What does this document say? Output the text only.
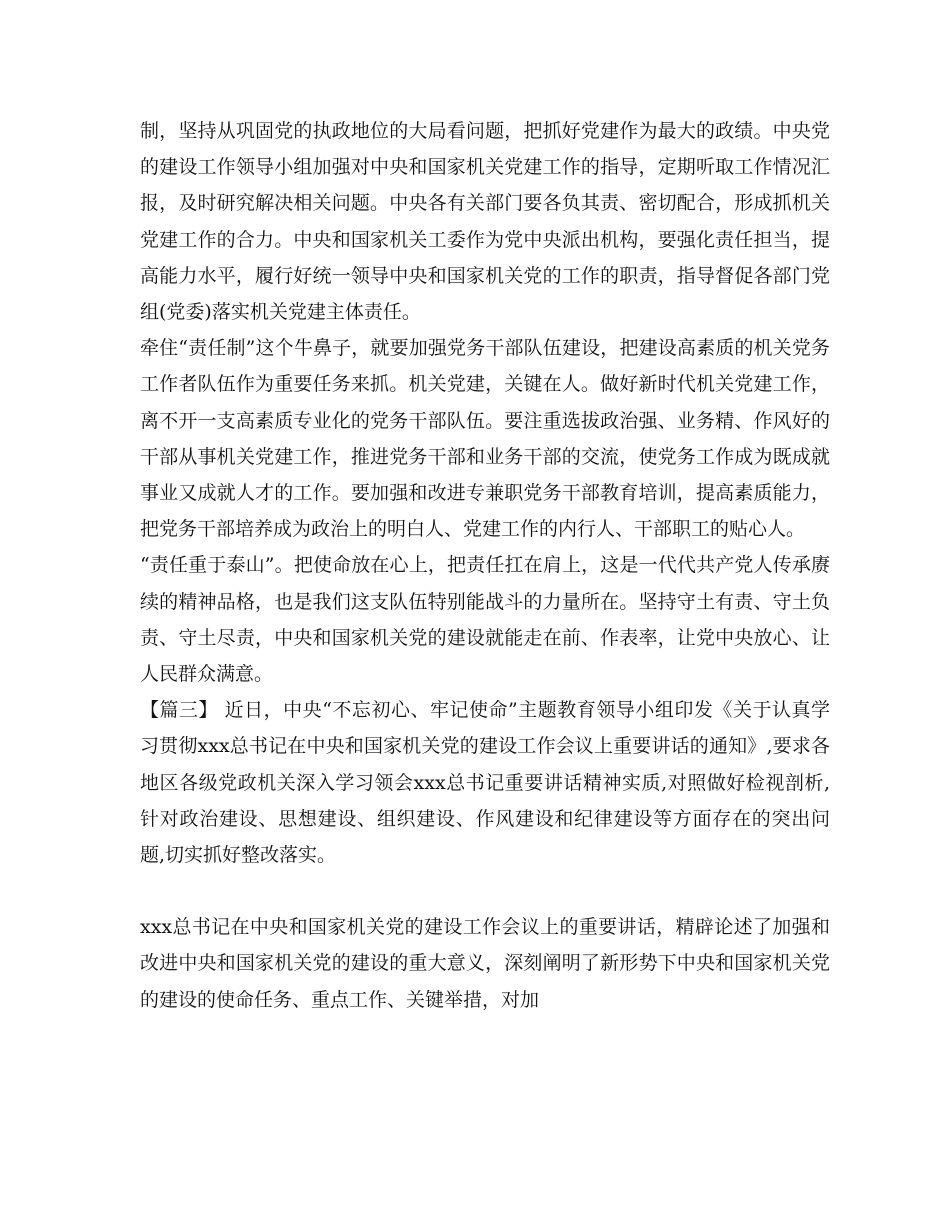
制，坚持从巩固党的执政地位的大局看问题，把抓好党建作为最大的政绩。中央党的建设工作领导小组加强对中央和国家机关党建工作的指导，定期听取工作情况汇报，及时研究解决相关问题。中央各有关部门要各负其责、密切配合，形成抓机关党建工作的合力。中央和国家机关工委作为党中央派出机构，要强化责任担当，提高能力水平，履行好统一领导中央和国家机关党的工作的职责，指导督促各部门党组(党委)落实机关党建主体责任。

牵住“责任制”这个牛鼻子，就要加强党务干部队伍建设，把建设高素质的机关党务工作者队伍作为重要任务来抓。机关党建，关键在人。做好新时代机关党建工作，离不开一支高素质专业化的党务干部队伍。要注重选拔政治强、业务精、作风好的干部从事机关党建工作，推进党务干部和业务干部的交流，使党务工作成为既成就事业又成就人才的工作。要加强和改进专兼职党务干部教育培训，提高素质能力，把党务干部培养成为政治上的明白人、党建工作的内行人、干部职工的贴心人。

“责任重于泰山”。把使命放在心上，把责任扛在肩上，这是一代代共产党人传承赓续的精神品格，也是我们这支队伍特别能战斗的力量所在。坚持守土有责、守土负责、守土尽责，中央和国家机关党的建设就能走在前、作表率，让党中央放心、让人民群众满意。

【篇三】 近日，中央“不忘初心、牢记使命”主题教育领导小组印发《关于认真学习贯彻xxx总书记在中央和国家机关党的建设工作会议上重要讲话的通知》,要求各地区各级党政机关深入学习领会xxx总书记重要讲话精神实质,对照做好检视剖析,针对政治建设、思想建设、组织建设、作风建设和纪律建设等方面存在的突出问题,切实抓好整改落实。

xxx总书记在中央和国家机关党的建设工作会议上的重要讲话，精辟论述了加强和改进中央和国家机关党的建设的重大意义，深刻阐明了新形势下中央和国家机关党的建设的使命任务、重点工作、关键举措，对加
